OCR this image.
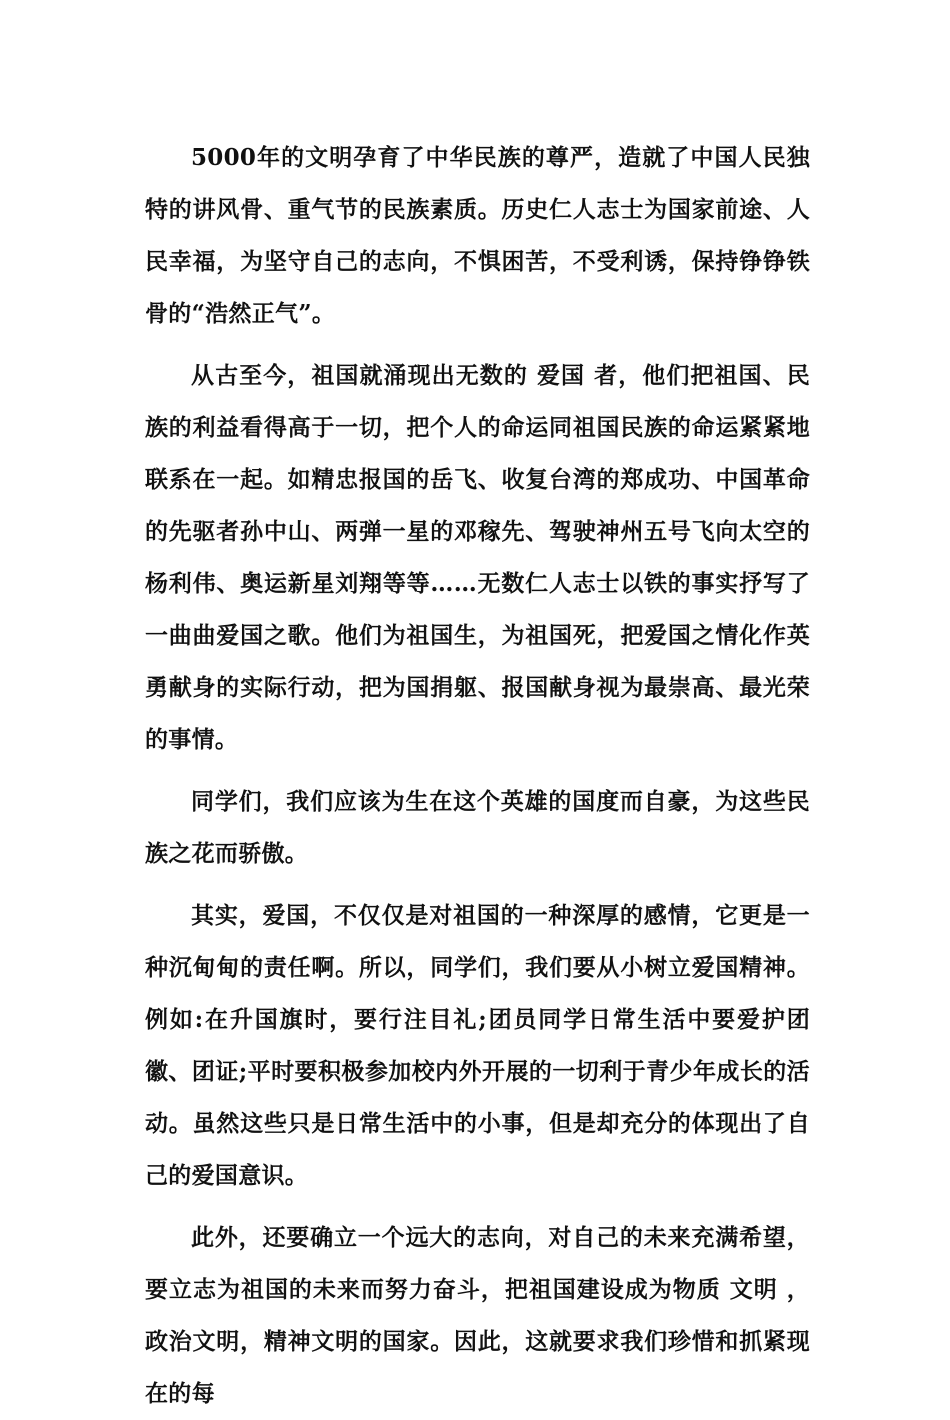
5000年的文明孕育了中华民族的尊严，造就了中国人民独特的讲风骨、重气节的民族素质。历史仁人志士为国家前途、人民幸福，为坚守自己的志向，不惧困苦，不受利诱，保持铮铮铁骨的“浩然正气”。

从古至今，祖国就涌现出无数的 爱国 者，他们把祖国、民族的利益看得高于一切，把个人的命运同祖国民族的命运紧紧地联系在一起。如精忠报国的岳飞、收复台湾的郑成功、中国革命的先驱者孙中山、两弹一星的邓稼先、驾驶神州五号飞向太空的杨利伟、奥运新星刘翔等等……无数仁人志士以铁的事实抒写了一曲曲爱国之歌。他们为祖国生，为祖国死，把爱国之情化作英勇献身的实际行动，把为国捐躯、报国献身视为最崇高、最光荣的事情。

同学们，我们应该为生在这个英雄的国度而自豪，为这些民族之花而骄傲。

其实，爱国，不仅仅是对祖国的一种深厚的感情，它更是一种沉甸甸的责任啊。所以，同学们，我们要从小树立爱国精神。例如:在升国旗时，要行注目礼;团员同学日常生活中要爱护团徽、团证;平时要积极参加校内外开展的一切利于青少年成长的活动。虽然这些只是日常生活中的小事，但是却充分的体现出了自己的爱国意识。

此外，还要确立一个远大的志向，对自己的未来充满希望，要立志为祖国的未来而努力奋斗，把祖国建设成为物质 文明 ，政治文明，精神文明的国家。因此，这就要求我们珍惜和抓紧现在的每
